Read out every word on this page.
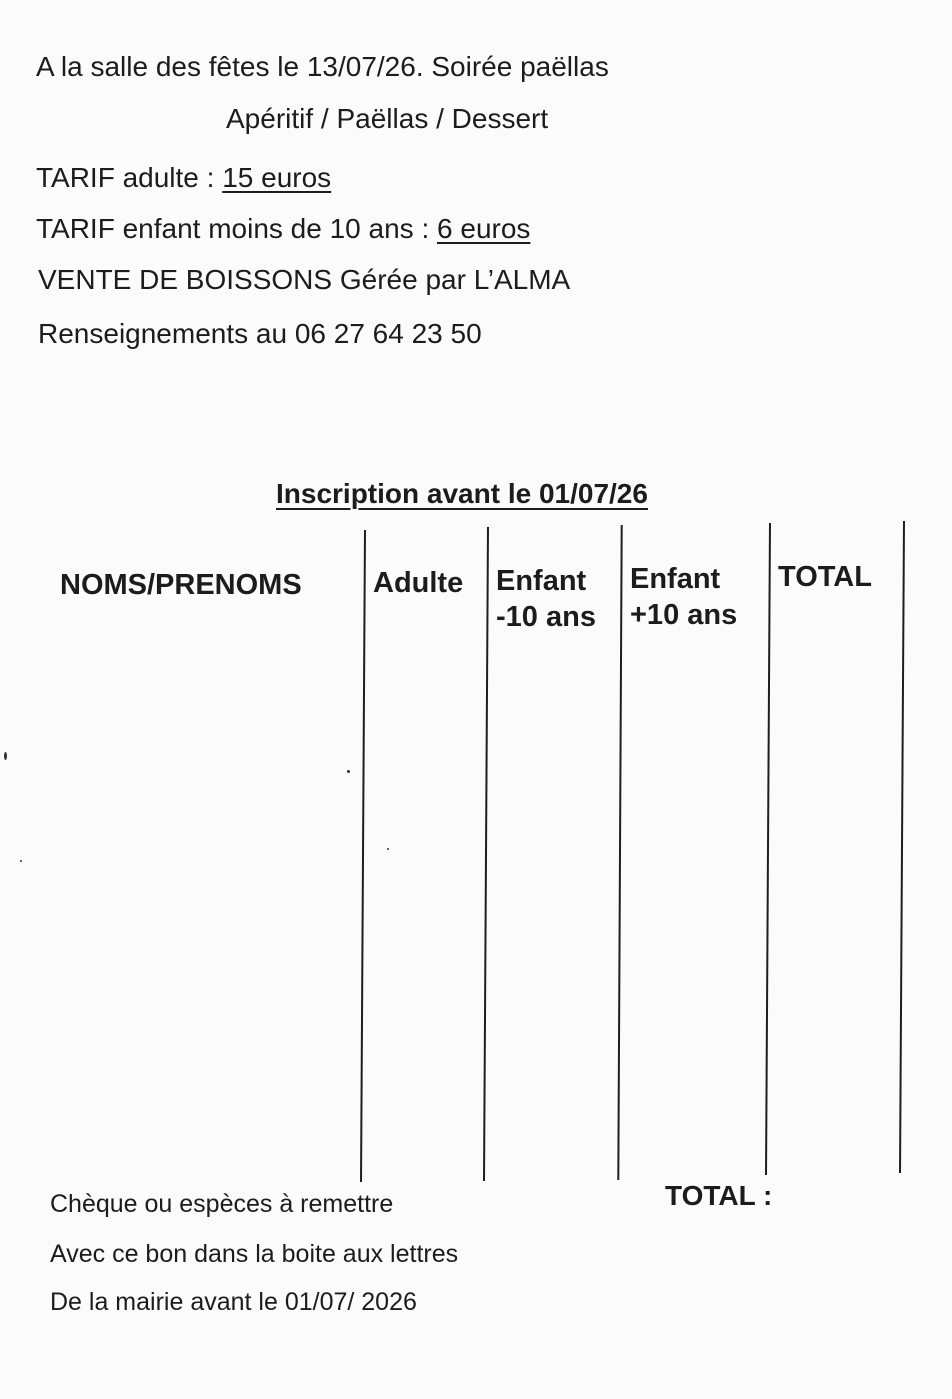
A la salle des fêtes le 13/07/26. Soirée paëllas
Apéritif / Paëllas / Dessert
TARIF adulte : 15 euros
TARIF enfant moins de 10 ans : 6 euros
VENTE DE BOISSONS Gérée par L’ALMA
Renseignements au 06 27 64 23 50
Inscription avant le 01/07/26
NOMS/PRENOMS Adulte Enfant
-10 ans
Enfant
+10 ans
TOTAL
Chèque ou espèces à remettre
Avec ce bon dans la boite aux lettres
De la mairie avant le 01/07/ 2026
TOTAL :
